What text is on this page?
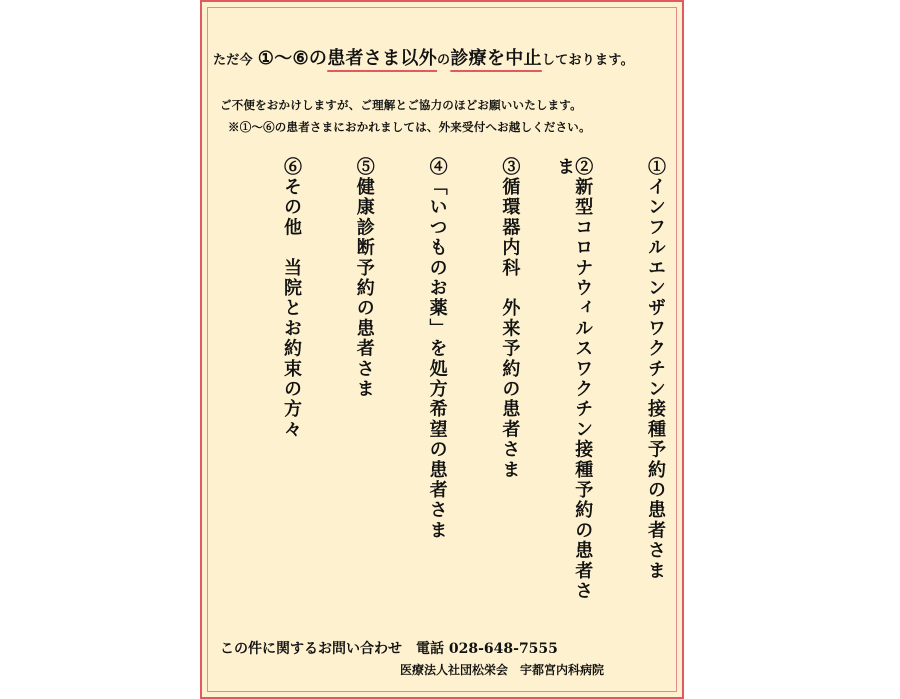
ただ今 ①〜⑥の患者さま以外の診療を中止しております。
ご不便をおかけしますが、ご理解とご協力のほどお願いいたします。
※①〜⑥の患者さまにおかれましては、外来受付へお越しください。
①インフルエンザワクチン接種予約の患者さま
②新型コロナウィルスワクチン接種予約の患者さま
③循環器内科　外来予約の患者さま
④「いつものお薬」を処方希望の患者さま
⑤健康診断予約の患者さま
⑥その他　当院とお約束の方々
この件に関するお問い合わせ　電話 028-648-7555
医療法人社団松栄会　宇都宮内科病院
